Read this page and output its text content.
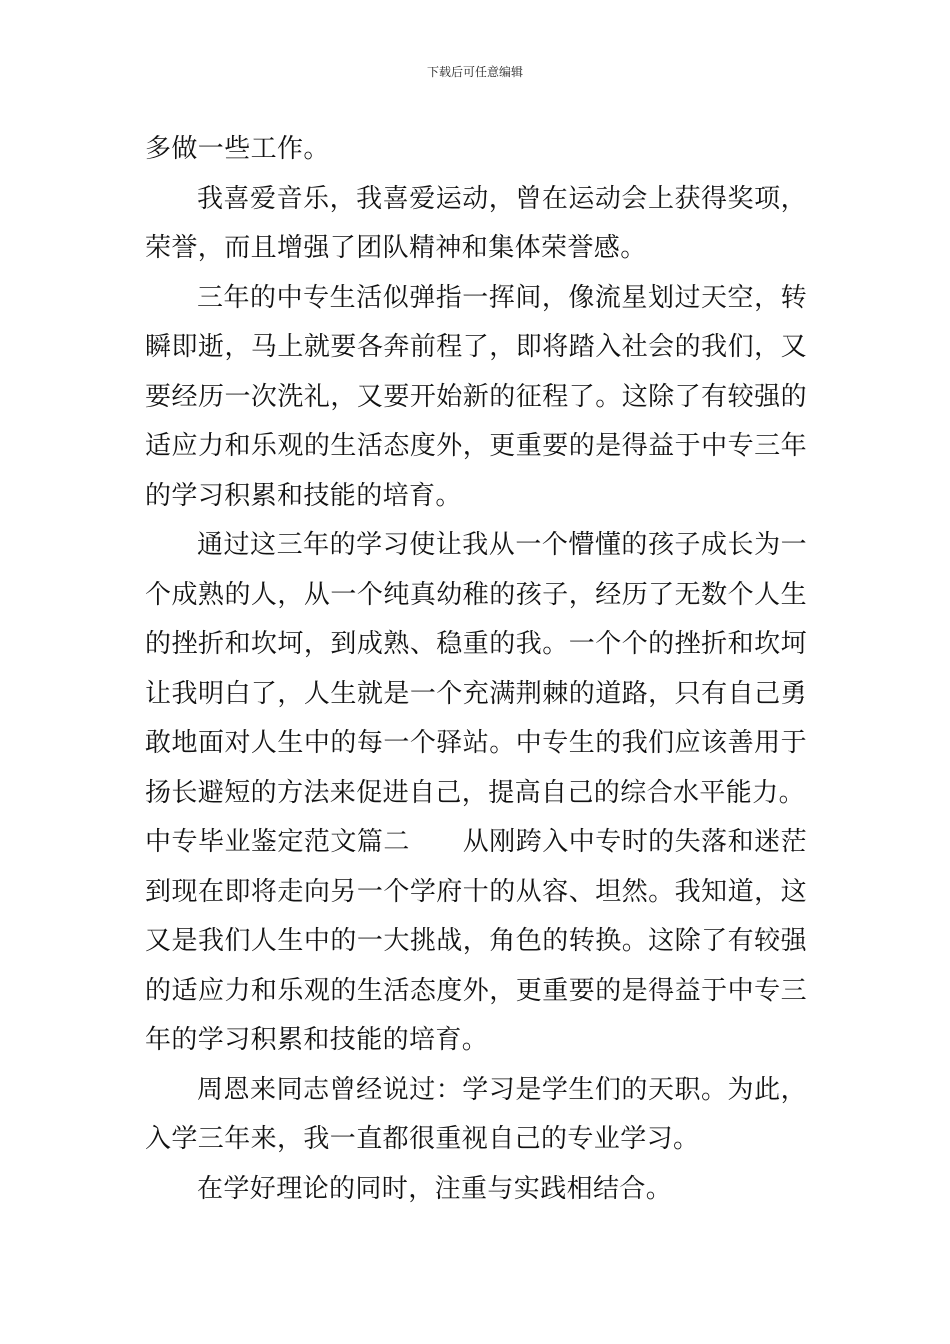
下载后可任意编辑

多做一些工作。

我喜爱音乐，我喜爱运动，曾在运动会上获得奖项，荣誉，而且增强了团队精神和集体荣誉感。

三年的中专生活似弹指一挥间，像流星划过天空，转瞬即逝，马上就要各奔前程了，即将踏入社会的我们，又要经历一次洗礼，又要开始新的征程了。这除了有较强的适应力和乐观的生活态度外，更重要的是得益于中专三年的学习积累和技能的培育。

通过这三年的学习使让我从一个懵懂的孩子成长为一个成熟的人，从一个纯真幼稚的孩子，经历了无数个人生的挫折和坎坷，到成熟、稳重的我。一个个的挫折和坎坷让我明白了，人生就是一个充满荆棘的道路，只有自己勇敢地面对人生中的每一个驿站。中专生的我们应该善用于扬长避短的方法来促进自己，提高自己的综合水平能力。

中专毕业鉴定范文篇二　　 从刚跨入中专时的失落和迷茫到现在即将走向另一个学府十的从容、坦然。我知道，这又是我们人生中的一大挑战，角色的转换。这除了有较强的适应力和乐观的生活态度外，更重要的是得益于中专三年的学习积累和技能的培育。

周恩来同志曾经说过：学习是学生们的天职。为此，入学三年来，我一直都很重视自己的专业学习。

在学好理论的同时，注重与实践相结合。
